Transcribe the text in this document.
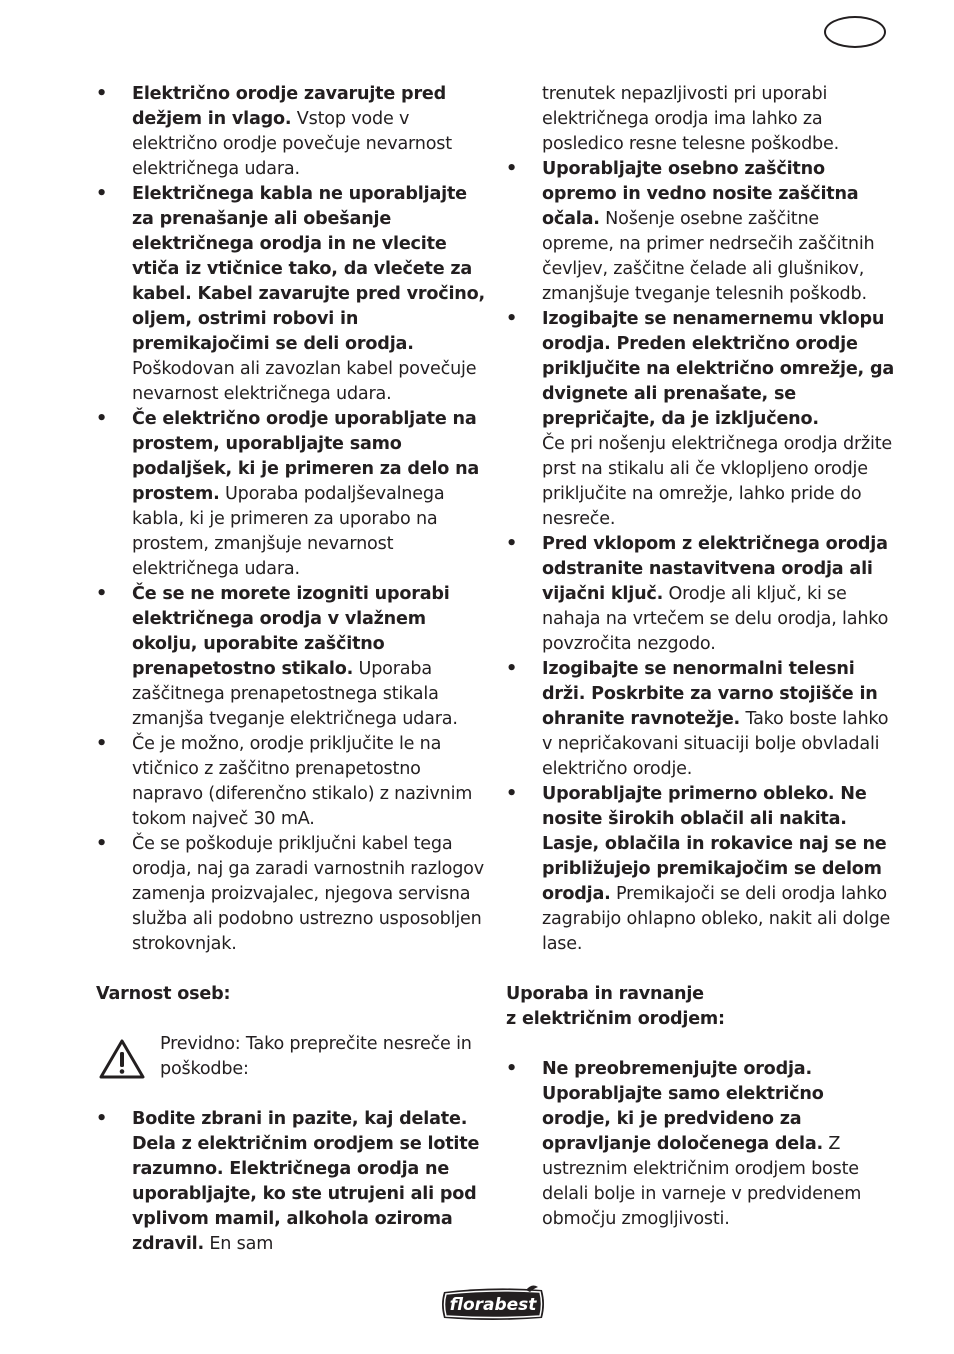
• Električno orodje zavarujte pred dežjem in vlago. Vstop vode v električno orodje povečuje nevarnost električnega udara.
• Električnega kabla ne uporabljajte za prenašanje ali obešanje električnega orodja in ne vlecite vtiča iz vtičnice tako, da vlečete za kabel. Kabel zavarujte pred vročino, oljem, ostrimi robovi in premikajočimi se deli orodja.
Poškodovan ali zavozlan kabel povečuje nevarnost električnega udara.
• Če električno orodje uporabljate na prostem, uporabljajte samo podaljšek, ki je primeren za delo na prostem. Uporaba podaljševalnega kabla, ki je primeren za uporabo na prostem, zmanjšuje nevarnost električnega udara.
• Če se ne morete izogniti uporabi električnega orodja v vlažnem okolju, uporabite zaščitno prenapetostno stikalo. Uporaba zaščitnega prenapetostnega stikala zmanjša tveganje električnega udara.
• Če je možno, orodje priključite le na vtičnico z zaščitno prenapetostno napravo (diferenčno stikalo) z nazivnim tokom največ 30 mA.
• Če se poškoduje priključni kabel tega orodja, naj ga zaradi varnostnih razlogov zamenja proizvajalec, njegova servisna služba ali podobno ustrezno usposobljen strokovnjak.

Varnost oseb:

Previdno: Tako preprečite nesreče in poškodbe:
• Bodite zbrani in pazite, kaj delate. Dela z električnim orodjem se lotite razumno. Električnega orodja ne uporabljajte, ko ste utrujeni ali pod vplivom mamil, alkohola oziroma zdravil. En sam
trenutek nepazljivosti pri uporabi električnega orodja ima lahko za posledico resne telesne poškodbe.
• Uporabljajte osebno zaščitno opremo in vedno nosite zaščitna očala. Nošenje osebne zaščitne opreme, na primer nedrsečih zaščitnih čevljev, zaščitne čelade ali glušnikov, zmanjšuje tveganje telesnih poškodb.
• Izogibajte se nenamernemu vklopu orodja. Preden električno orodje priključite na električno omrežje, ga dvignete ali prenašate, se prepričajte, da je izključeno.
Če pri nošenju električnega orodja držite prst na stikalu ali če vklopljeno orodje priključite na omrežje, lahko pride do nesreče.
• Pred vklopom z električnega orodja odstranite nastavitvena orodja ali vijačni ključ. Orodje ali ključ, ki se nahaja na vrtečem se delu orodja, lahko povzročita nezgodo.
• Izogibajte se nenormalni telesni drži. Poskrbite za varno stojišče in ohranite ravnotežje. Tako boste lahko v nepričakovani situaciji bolje obvladali električno orodje.
• Uporabljajte primerno obleko. Ne nosite širokih oblačil ali nakita. Lasje, oblačila in rokavice naj se ne približujejo premikajočim se delom orodja. Premikajoči se deli orodja lahko zagrabijo ohlapno obleko, nakit ali dolge lase.

Uporaba in ravnanje
z električnim orodjem:

• Ne preobremenjujte orodja. Uporabljajte samo električno orodje, ki je predvideno za opravljanje določenega dela. Z ustreznim električnim orodjem boste delali bolje in varneje v predvidenem območju zmogljivosti.
florabest
